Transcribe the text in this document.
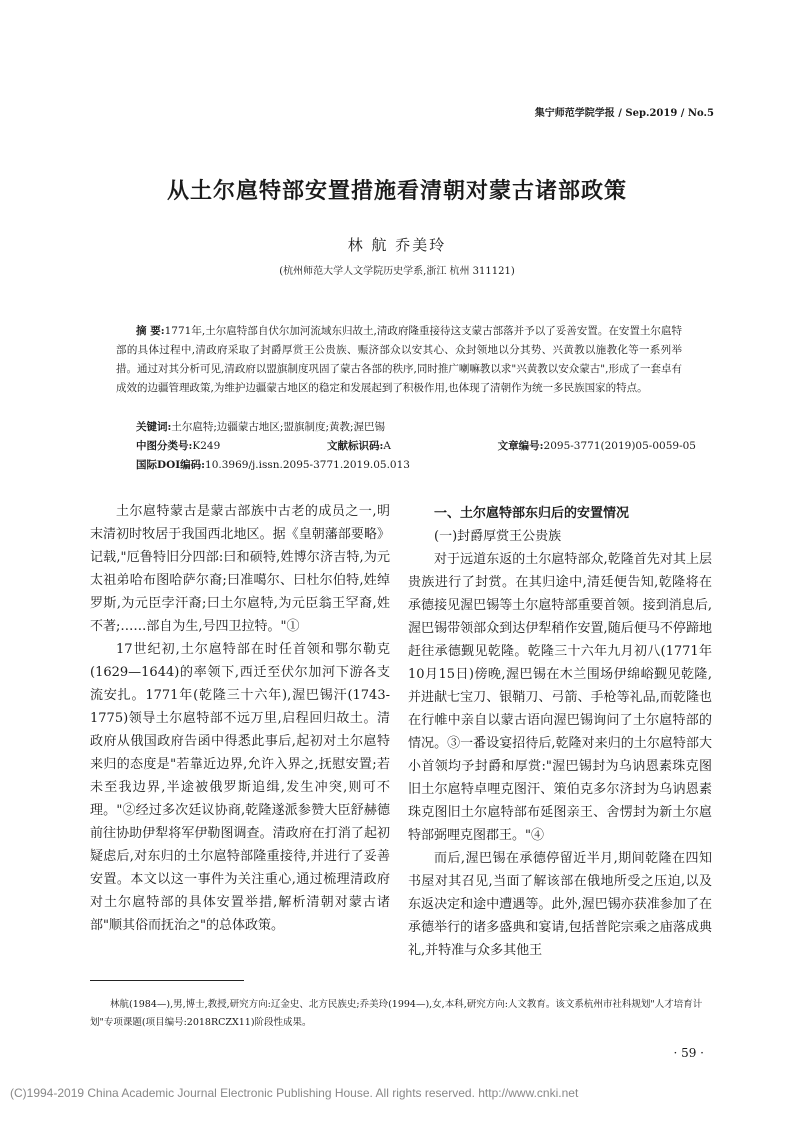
集宁师范学院学报 / Sep.2019 / No.5
从土尔扈特部安置措施看清朝对蒙古诸部政策
林 航 乔美玲
(杭州师范大学人文学院历史学系,浙江 杭州 311121)
摘 要:1771年,土尔扈特部自伏尔加河流域东归故土,清政府隆重接待这支蒙古部落并予以了妥善安置。在安置土尔扈特部的具体过程中,清政府采取了封爵厚赏王公贵族、赈济部众以安其心、众封领地以分其势、兴黄教以施教化等一系列举措。通过对其分析可见,清政府以盟旗制度巩固了蒙古各部的秩序,同时推广喇嘛教以求"兴黄教以安众蒙古",形成了一套卓有成效的边疆管理政策,为维护边疆蒙古地区的稳定和发展起到了积极作用,也体现了清朝作为统一多民族国家的特点。
关键词:土尔扈特;边疆蒙古地区;盟旗制度;黄教;渥巴锡
中图分类号:K249	文献标识码:A	文章编号:2095-3771(2019)05-0059-05
国际DOI编码:10.3969/j.issn.2095-3771.2019.05.013

土尔扈特蒙古是蒙古部族中古老的成员之一,明末清初时牧居于我国西北地区。据《皇朝藩部要略》记载,"厄鲁特旧分四部:曰和硕特,姓博尔济吉特,为元太祖弟哈布图哈萨尔裔;曰准噶尔、曰杜尔伯特,姓绰罗斯,为元臣孛汗裔;曰土尔扈特,为元臣翁王罕裔,姓不著;……部自为生,号四卫拉特。"①

17世纪初,土尔扈特部在时任首领和鄂尔勒克(1629—1644)的率领下,西迁至伏尔加河下游各支流安扎。1771年(乾隆三十六年),渥巴锡汗(1743-1775)领导土尔扈特部不远万里,启程回归故土。清政府从俄国政府告函中得悉此事后,起初对土尔扈特来归的态度是"若靠近边界,允许入界之,抚慰安置;若未至我边界,半途被俄罗斯追缉,发生冲突,则可不理。"②经过多次廷议协商,乾隆遂派参赞大臣舒赫德前往协助伊犁将军伊勒图调查。清政府在打消了起初疑虑后,对东归的土尔扈特部隆重接待,并进行了妥善安置。本文以这一事件为关注重心,通过梳理清政府对土尔扈特部的具体安置举措,解析清朝对蒙古诸部"顺其俗而抚治之"的总体政策。

一、土尔扈特部东归后的安置情况

(一)封爵厚赏王公贵族

对于远道东返的土尔扈特部众,乾隆首先对其上层贵族进行了封赏。在其归途中,清廷便告知,乾隆将在承德接见渥巴锡等土尔扈特部重要首领。接到消息后,渥巴锡带领部众到达伊犁稍作安置,随后便马不停蹄地赶往承德觐见乾隆。乾隆三十六年九月初八(1771年10月15日)傍晚,渥巴锡在木兰围场伊绵峪觐见乾隆,并进献七宝刀、银鞘刀、弓箭、手枪等礼品,而乾隆也在行帷中亲自以蒙古语向渥巴锡询问了土尔扈特部的情况。③一番设宴招待后,乾隆对来归的土尔扈特部大小首领均予封爵和厚赏:"渥巴锡封为乌讷恩素珠克图旧土尔扈特卓哩克图汗、策伯克多尔济封为乌讷恩素珠克图旧土尔扈特部布延图亲王、舍愣封为新土尔扈特部弼哩克图郡王。"④

而后,渥巴锡在承德停留近半月,期间乾隆在四知书屋对其召见,当面了解该部在俄地所受之压迫,以及东返决定和途中遭遇等。此外,渥巴锡亦获准参加了在承德举行的诸多盛典和宴请,包括普陀宗乘之庙落成典礼,并特准与众多其他王

林航(1984—),男,博士,教授,研究方向:辽金史、北方民族史;乔美玲(1994—),女,本科,研究方向:人文教育。该文系杭州市社科规划"人才培育计划"专项课题(项目编号:2018RCZX11)阶段性成果。
· 59 ·
(C)1994-2019 China Academic Journal Electronic Publishing House. All rights reserved. http://www.cnki.net
